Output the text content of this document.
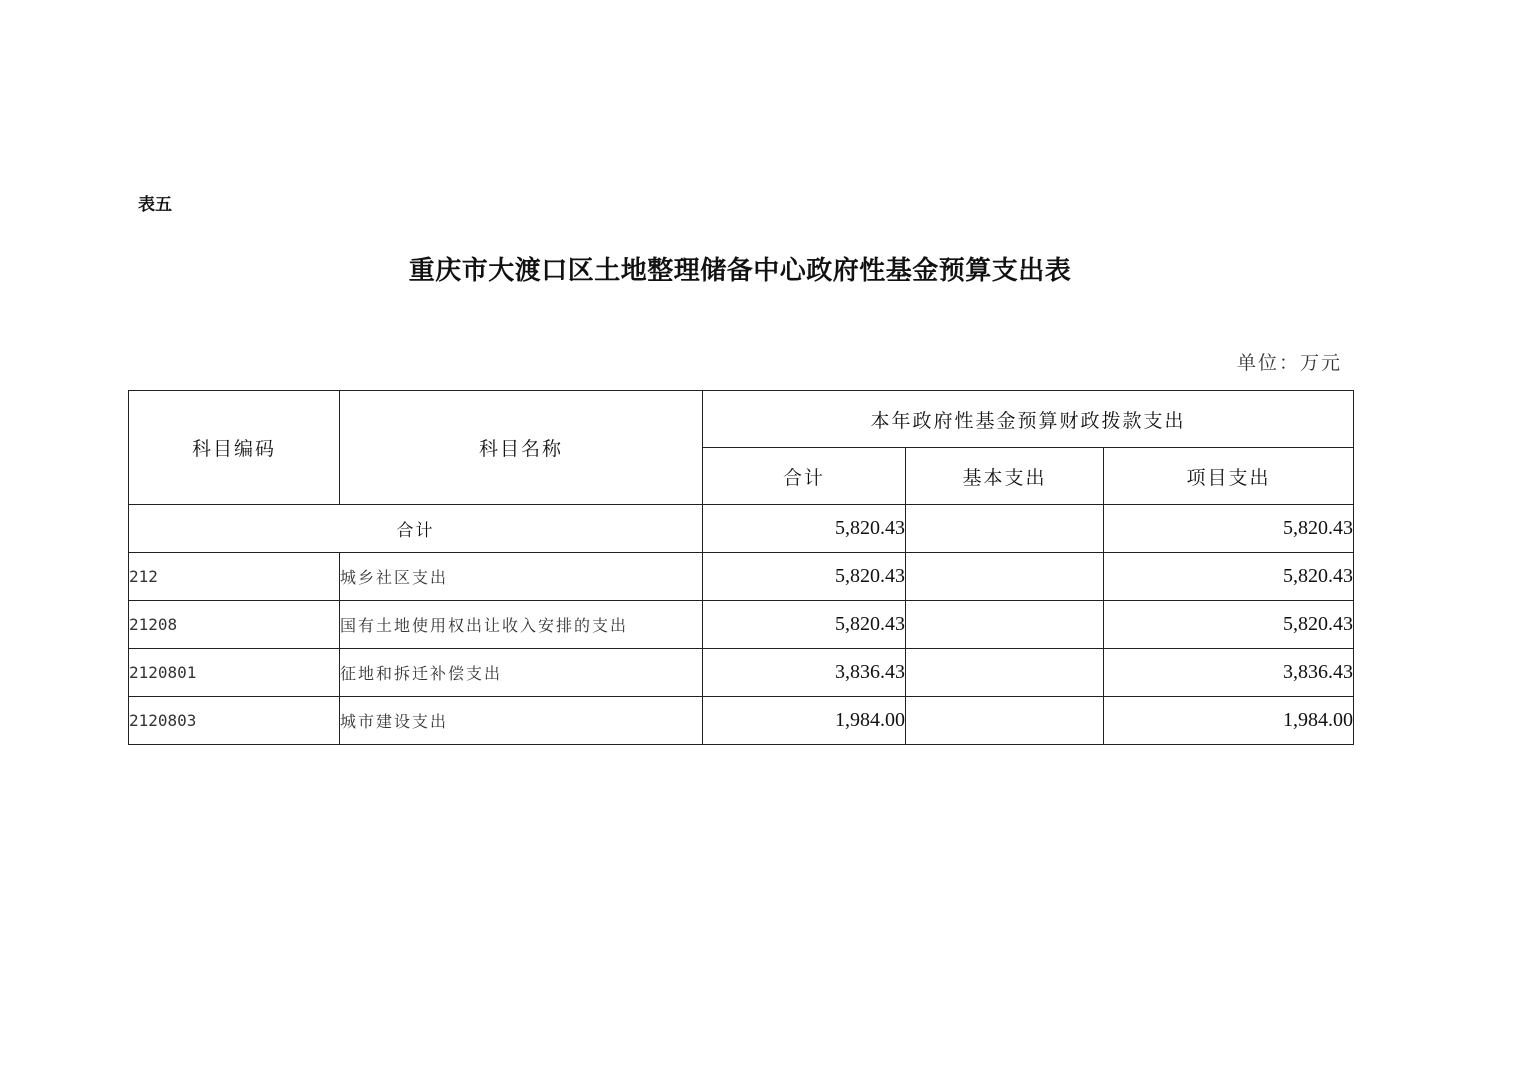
表五
重庆市大渡口区土地整理储备中心政府性基金预算支出表
单位：万元
科目编码	科目名称	本年政府性基金预算财政拨款支出		
		合计	基本支出	项目支出
合计		5,820.43		5,820.43
212	城乡社区支出	5,820.43		5,820.43
21208	国有土地使用权出让收入安排的支出	5,820.43		5,820.43
2120801	征地和拆迁补偿支出	3,836.43		3,836.43
2120803	城市建设支出	1,984.00		1,984.00
